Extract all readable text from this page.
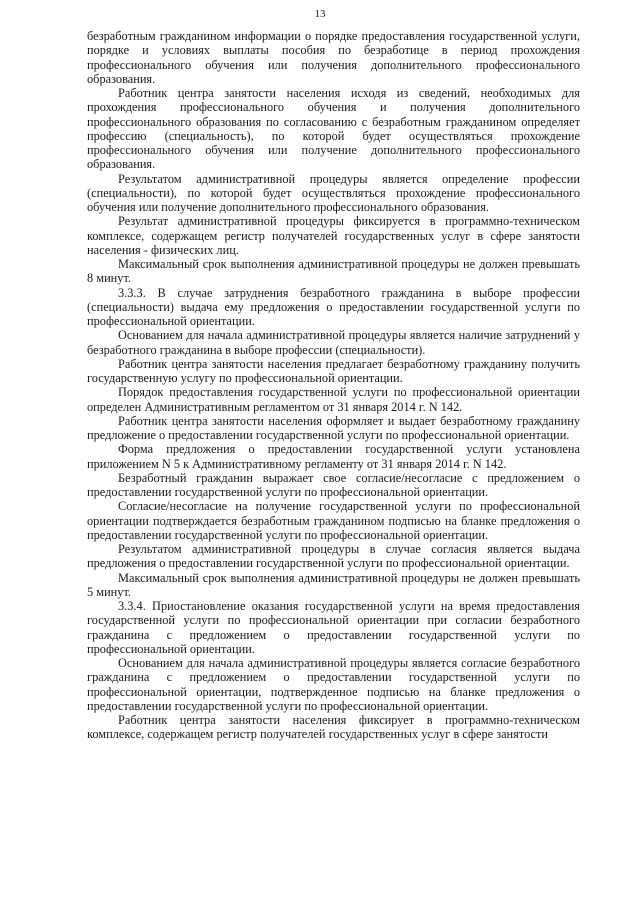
13

безработным гражданином информации о порядке предоставления государственной услуги, порядке и условиях выплаты пособия по безработице в период прохождения профессионального обучения или получения дополнительного профессионального образования.

Работник центра занятости населения исходя из сведений, необходимых для прохождения профессионального обучения и получения дополнительного профессионального образования по согласованию с безработным гражданином определяет профессию (специальность), по которой будет осуществляться прохождение профессионального обучения или получение дополнительного профессионального образования.

Результатом административной процедуры является определение профессии (специальности), по которой будет осуществляться прохождение профессионального обучения или получение дополнительного профессионального образования.

Результат административной процедуры фиксируется в программно-техническом комплексе, содержащем регистр получателей государственных услуг в сфере занятости населения - физических лиц.

Максимальный срок выполнения административной процедуры не должен превышать 8 минут.

3.3.3. В случае затруднения безработного гражданина в выборе профессии (специальности) выдача ему предложения о предоставлении государственной услуги по профессиональной ориентации.

Основанием для начала административной процедуры является наличие затруднений у безработного гражданина в выборе профессии (специальности).

Работник центра занятости населения предлагает безработному гражданину получить государственную услугу по профессиональной ориентации.

Порядок предоставления государственной услуги по профессиональной ориентации определен Административным регламентом от 31 января 2014 г. N 142.

Работник центра занятости населения оформляет и выдает безработному гражданину предложение о предоставлении государственной услуги по профессиональной ориентации.

Форма предложения о предоставлении государственной услуги установлена приложением N 5 к Административному регламенту от 31 января 2014 г. N 142.

Безработный гражданин выражает свое согласие/несогласие с предложением о предоставлении государственной услуги по профессиональной ориентации.

Согласие/несогласие на получение государственной услуги по профессиональной ориентации подтверждается безработным гражданином подписью на бланке предложения о предоставлении государственной услуги по профессиональной ориентации.

Результатом административной процедуры в случае согласия является выдача предложения о предоставлении государственной услуги по профессиональной ориентации.

Максимальный срок выполнения административной процедуры не должен превышать 5 минут.

3.3.4. Приостановление оказания государственной услуги на время предоставления государственной услуги по профессиональной ориентации при согласии безработного гражданина с предложением о предоставлении государственной услуги по профессиональной ориентации.

Основанием для начала административной процедуры является согласие безработного гражданина с предложением о предоставлении государственной услуги по профессиональной ориентации, подтвержденное подписью на бланке предложения о предоставлении государственной услуги по профессиональной ориентации.

Работник центра занятости населения фиксирует в программно-техническом комплексе, содержащем регистр получателей государственных услуг в сфере занятости
